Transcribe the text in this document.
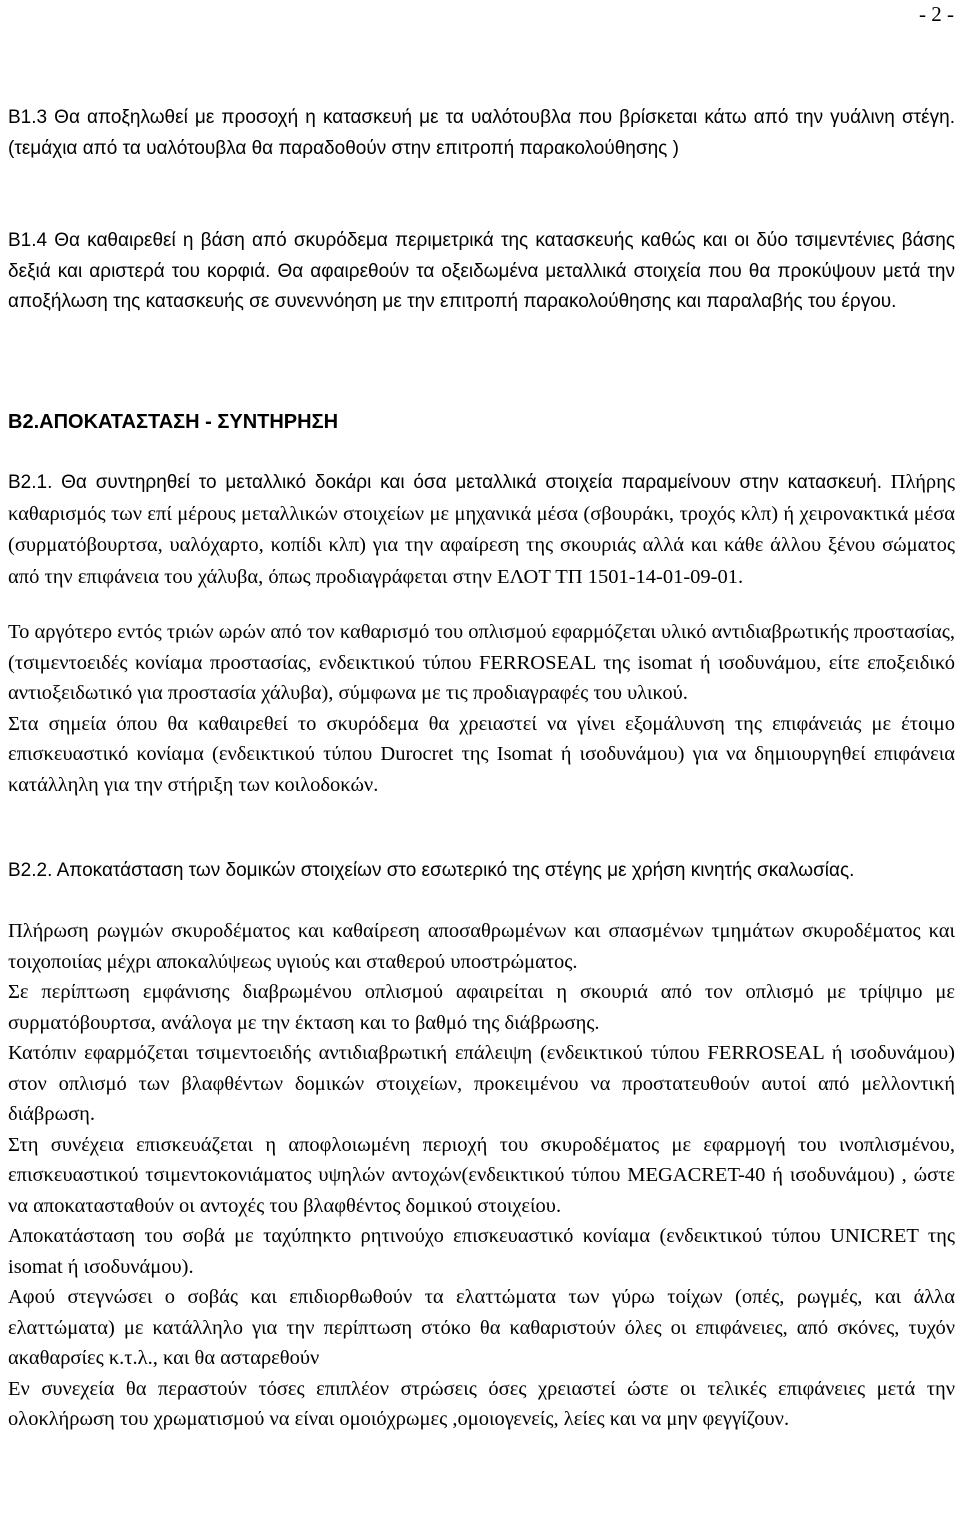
- 2 -

Β1.3 Θα αποξηλωθεί με προσοχή η κατασκευή με τα υαλότουβλα που βρίσκεται κάτω από την γυάλινη στέγη. (τεμάχια από τα υαλότουβλα θα παραδοθούν στην επιτροπή παρακολούθησης )

Β1.4 Θα καθαιρεθεί η βάση από σκυρόδεμα περιμετρικά της κατασκευής καθώς και οι δύο τσιμεντένιες βάσης δεξιά και αριστερά του κορφιά. Θα αφαιρεθούν τα οξειδωμένα μεταλλικά στοιχεία που θα προκύψουν μετά την αποξήλωση της κατασκευής σε συνεννόηση με την επιτροπή παρακολούθησης και παραλαβής του έργου.

Β2.ΑΠΟΚΑΤΑΣΤΑΣΗ - ΣΥΝΤΗΡΗΣΗ

Β2.1. Θα συντηρηθεί το μεταλλικό δοκάρι και όσα μεταλλικά στοιχεία παραμείνουν στην κατασκευή. Πλήρης καθαρισμός των επί μέρους μεταλλικών στοιχείων με μηχανικά μέσα (σβουράκι, τροχός κλπ) ή χειρονακτικά μέσα (συρματόβουρτσα, υαλόχαρτο, κοπίδι κλπ) για την αφαίρεση της σκουριάς αλλά και κάθε άλλου ξένου σώματος από την επιφάνεια του χάλυβα, όπως προδιαγράφεται στην ΕΛΟΤ ΤΠ 1501-14-01-09-01.

Το αργότερο εντός τριών ωρών από τον καθαρισμό του οπλισμού εφαρμόζεται υλικό αντιδιαβρωτικής προστασίας, (τσιμεντοειδές κονίαμα προστασίας, ενδεικτικού τύπου FERROSEAL της isomat ή ισοδυνάμου, είτε εποξειδικό αντιοξειδωτικό για προστασία χάλυβα), σύμφωνα με τις προδιαγραφές του υλικού.

Στα σημεία όπου θα καθαιρεθεί το σκυρόδεμα θα χρειαστεί να γίνει εξομάλυνση της επιφάνειάς με έτοιμο επισκευαστικό κονίαμα (ενδεικτικού τύπου Durocret της Isomat ή ισοδυνάμου) για να δημιουργηθεί επιφάνεια κατάλληλη για την στήριξη των κοιλοδοκών.

Β2.2. Αποκατάσταση των δομικών στοιχείων στο εσωτερικό της στέγης με χρήση κινητής σκαλωσίας.

Πλήρωση ρωγμών σκυροδέματος και καθαίρεση αποσαθρωμένων και σπασμένων τμημάτων σκυροδέματος και τοιχοποιίας μέχρι αποκαλύψεως υγιούς και σταθερού υποστρώματος.

Σε περίπτωση εμφάνισης διαβρωμένου οπλισμού αφαιρείται η σκουριά από τον οπλισμό με τρίψιμο με συρματόβουρτσα, ανάλογα με την έκταση και το βαθμό της διάβρωσης.

Κατόπιν εφαρμόζεται τσιμεντοειδής αντιδιαβρωτική επάλειψη (ενδεικτικού τύπου FERROSEAL ή ισοδυνάμου) στον οπλισμό των βλαφθέντων δομικών στοιχείων, προκειμένου να προστατευθούν αυτοί από μελλοντική διάβρωση.

Στη συνέχεια επισκευάζεται η αποφλοιωμένη περιοχή του σκυροδέματος με εφαρμογή του ινοπλισμένου, επισκευαστικού τσιμεντοκονιάματος υψηλών αντοχών(ενδεικτικού τύπου MEGACRET-40 ή ισοδυνάμου) , ώστε να αποκατασταθούν οι αντοχές του βλαφθέντος δομικού στοιχείου.

Αποκατάσταση του σοβά με ταχύπηκτο ρητινούχο επισκευαστικό κονίαμα (ενδεικτικού τύπου UNICRET της isomat ή ισοδυνάμου).

Αφού στεγνώσει ο σοβάς και επιδιορθωθούν τα ελαττώματα των γύρω τοίχων (οπές, ρωγμές, και άλλα ελαττώματα) με κατάλληλο για την περίπτωση στόκο θα καθαριστούν όλες οι επιφάνειες, από σκόνες, τυχόν ακαθαρσίες κ.τ.λ., και θα ασταρεθούν

Εν συνεχεία θα περαστούν τόσες επιπλέον στρώσεις όσες χρειαστεί ώστε οι τελικές επιφάνειες μετά την ολοκλήρωση του χρωματισμού να είναι ομοιόχρωμες ,ομοιογενείς, λείες και να μην φεγγίζουν.
